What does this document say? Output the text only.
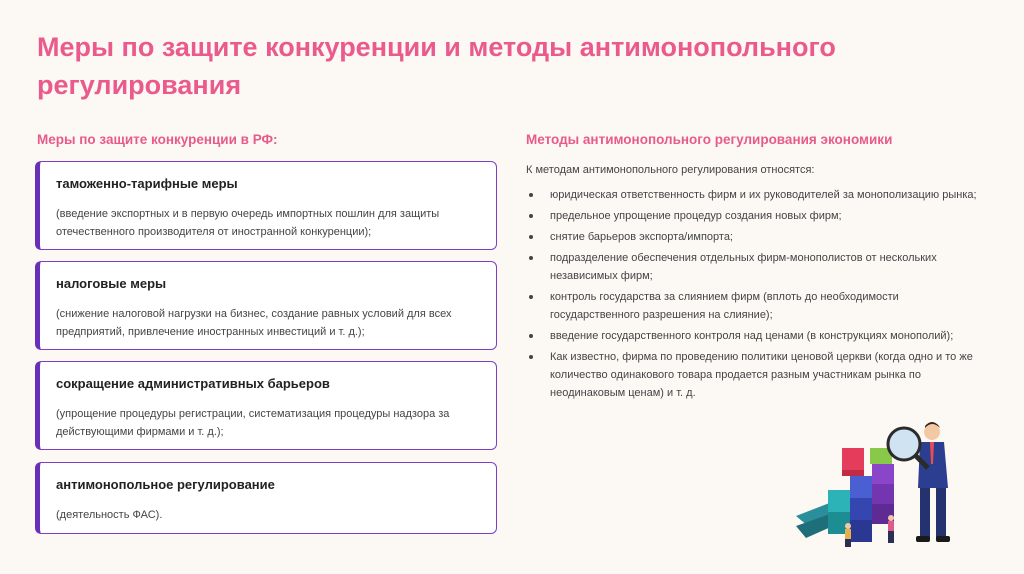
Меры по защите конкуренции и методы антимонопольного регулирования
Меры по защите конкуренции в РФ:
таможенно-тарифные меры
(введение экспортных и в первую очередь импортных пошлин для защиты отечественного производителя от иностранной конкуренции);
налоговые меры
(снижение налоговой нагрузки на бизнес, создание равных условий для всех предприятий, привлечение иностранных инвестиций и т. д.);
сокращение административных барьеров
(упрощение процедуры регистрации, систематизация процедуры надзора за действующими фирмами и т. д.);
антимонопольное регулирование
(деятельность ФАС).
Методы антимонопольного регулирования экономики
К методам антимонопольного регулирования относятся:
юридическая ответственность фирм и их руководителей за монополизацию рынка;
предельное упрощение процедур создания новых фирм;
снятие барьеров экспорта/импорта;
подразделение обеспечения отдельных фирм-монополистов от нескольких независимых фирм;
контроль государства за слиянием фирм (вплоть до необходимости государственного разрешения на слияние);
введение государственного контроля над ценами (в конструкциях монополий);
Как известно, фирма по проведению политики ценовой церкви (когда одно и то же количество одинакового товара продается разным участникам рынка по неодинаковым ценам) и т. д.
